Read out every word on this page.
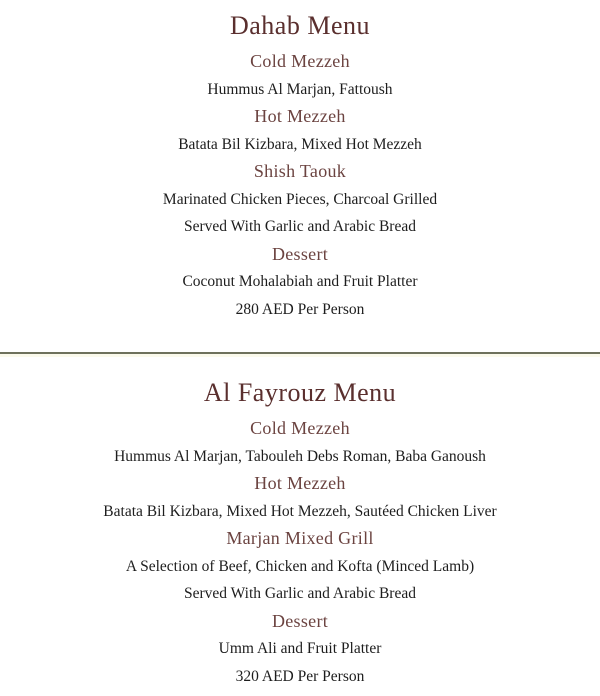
Dahab Menu

Cold Mezzeh

Hummus Al Marjan, Fattoush

Hot Mezzeh

Batata Bil Kizbara, Mixed Hot Mezzeh

Shish Taouk

Marinated Chicken Pieces, Charcoal Grilled

Served With Garlic and Arabic Bread

Dessert

Coconut Mohalabiah and Fruit Platter

280 AED Per Person

Al Fayrouz Menu

Cold Mezzeh

Hummus Al Marjan, Tabouleh Debs Roman, Baba Ganoush

Hot Mezzeh

Batata Bil Kizbara, Mixed Hot Mezzeh, Sautéed Chicken Liver

Marjan Mixed Grill

A Selection of Beef, Chicken and Kofta (Minced Lamb)

Served With Garlic and Arabic Bread

Dessert

Umm Ali and Fruit Platter

320 AED Per Person
